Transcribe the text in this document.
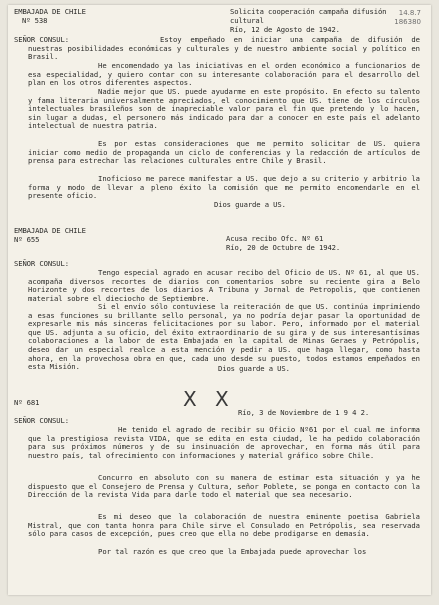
14.8.7
186380
EMBAJADA DE CHILE
Nº 538
Solicita cooperación campaña difusión cultural
Río, 12 de Agosto de 1942.
SEÑOR CONSUL:	Estoy empeñado en iniciar una campaña de difusión de nuestras posibilidades económicas y culturales y de nuestro ambiente social y político en Brasil.
He encomendado ya las iniciativas en el orden económico a funcionarios de esa especialidad, y quiero contar con su interesante colaboración para el desarrollo del plan en los otros diferentes aspectos.
Nadie mejor que US. puede ayudarme en este propósito. En efecto su talento y fama literaria universalmente apreciados, el conocimiento que US. tiene de los círculos intelectuales brasileños son de inapreciable valor para el fin que pretendo y lo hacen, sin lugar a dudas, el personero más indicado para dar a conocer en este país el adelanto intelectual de nuestra patria.
Es por estas consideraciones que me permito solicitar de US. quiera iniciar como medio de propaganda un ciclo de conferencias y la redacción de artículos de prensa para estrechar las relaciones culturales entre Chile y Brasil.
Inoficioso me parece manifestar a US. que dejo a su criterio y arbitrio la forma y modo de llevar a pleno éxito la comisión que me permito encomendarle en el presente oficio.
Dios guarde a US.
EMBAJADA DE CHILE
Nº 655	Acusa recibo Ofc. Nº 61
Río, 20 de Octubre de 1942.
SEÑOR CONSUL:
Tengo especial agrado en acusar recibo del Oficio de US. Nº 61, al que US. acompaña diversos recortes de diarios con comentarios sobre su reciente gira a Belo Horizonte y dos recortes de los diarios A Tribuna y Jornal de Petropolis, que contienen material sobre el dieciocho de Septiembre.
Si el envío sólo contuviese la reiteración de que US. continúa imprimiendo a esas funciones su brillante sello personal, ya no podría dejar pasar la oportunidad de expresarle mis más sinceras felicitaciones por su labor. Pero, informado por el material que US. adjunta a su oficio, del éxito extraordinario de su gira y de sus interesantísimas colaboraciones a la labor de esta Embajada en la capital de Minas Geraes y Petrópolis, deseo dar un especial realce a esta mención y pedir a US. que haga llegar, como hasta ahora, en la provechosa obra en que, cada uno desde su puesto, todos estamos empeñados en esta Misión.	Dios guarde a US.
X X
Nº 681
Río, 3 de Noviembre de 1 9 4 2.
SEÑOR CONSUL:
He tenido el agrado de recibir su Oficio Nº61 por el cual me informa que la prestigiosa revista VIDA, que se edita en esta ciudad, le ha pedido colaboración para sus próximos números y de su insinuación de aprovechar, en forma más útil para nuestro país, tal ofrecimiento con informaciones y material gráfico sobre Chile.
Concurro en absoluto con su manera de estimar esta situación y ya he dispuesto que el Consejero de Prensa y Cultura, señor Poblete, se ponga en contacto con la Dirección de la revista Vida para darle todo el material que sea necesario.
Es mi deseo que la colaboración de nuestra eminente poetisa Gabriela Mistral, que con tanta honra para Chile sirve el Consulado en Petrópolis, sea reservada sólo para casos de excepción, pues creo que ella no debe prodigarse en demasía.
Por tal razón es que creo que la Embajada puede aprovechar los
